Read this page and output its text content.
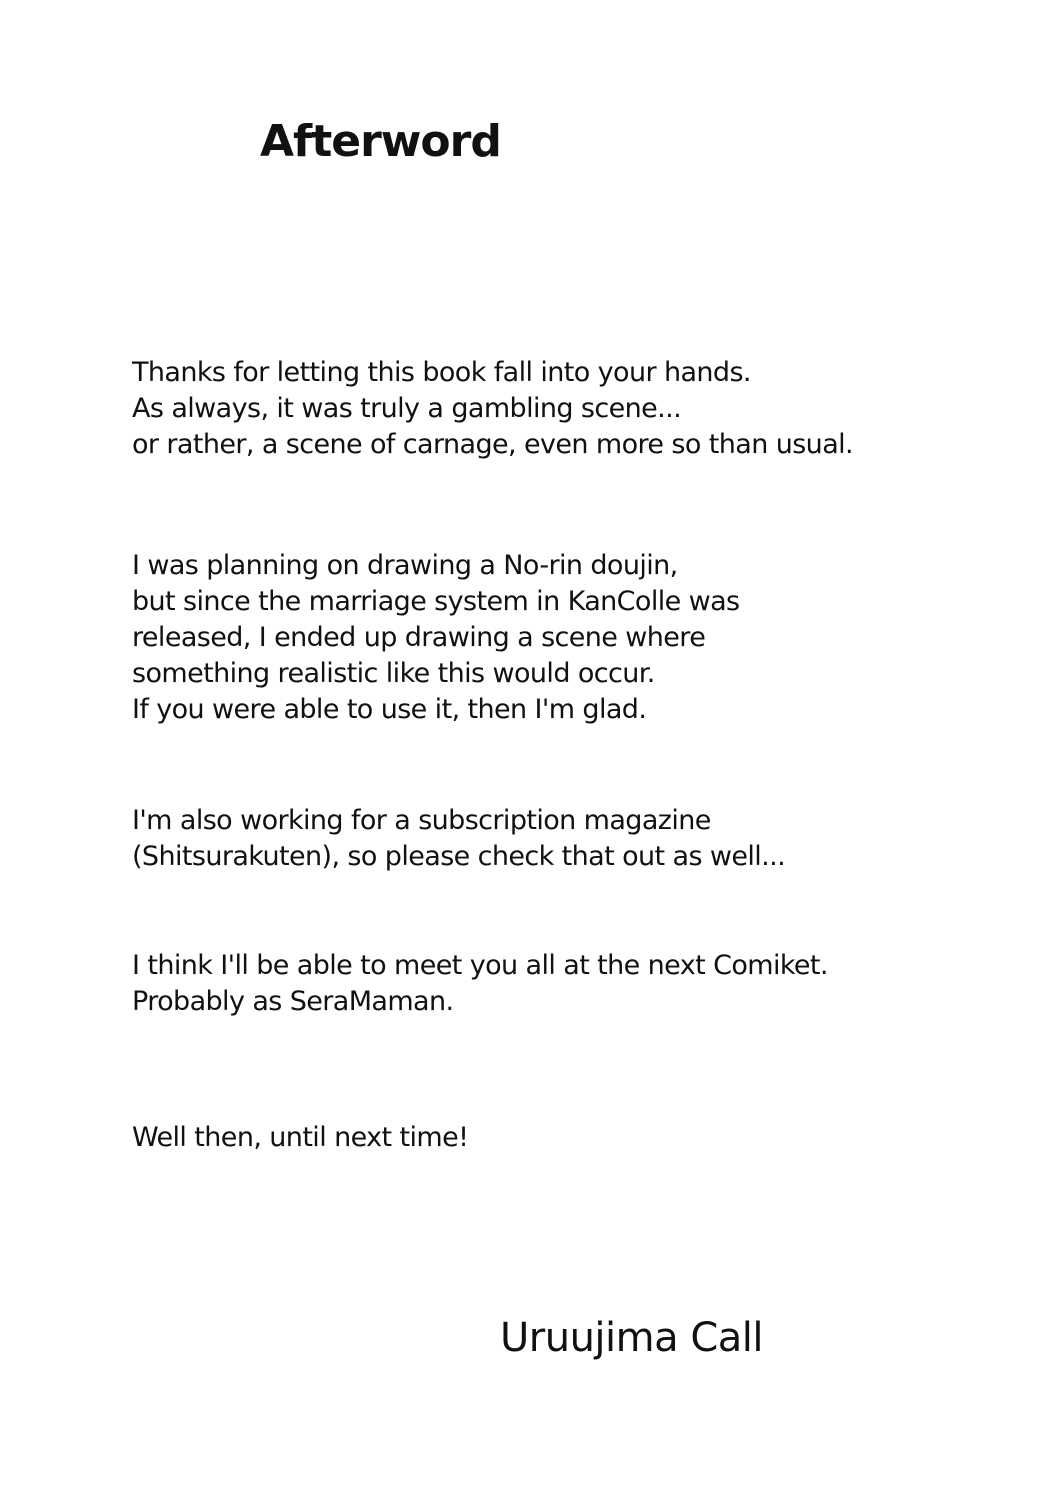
Afterword

Thanks for letting this book fall into your hands.
As always, it was truly a gambling scene...
or rather, a scene of carnage, even more so than usual.

I was planning on drawing a No-rin doujin,
but since the marriage system in KanColle was
released, I ended up drawing a scene where
something realistic like this would occur.
If you were able to use it, then I'm glad.

I'm also working for a subscription magazine
(Shitsurakuten), so please check that out as well...

I think I'll be able to meet you all at the next Comiket.
Probably as SeraMaman.

Well then, until next time!

Uruujima Call
